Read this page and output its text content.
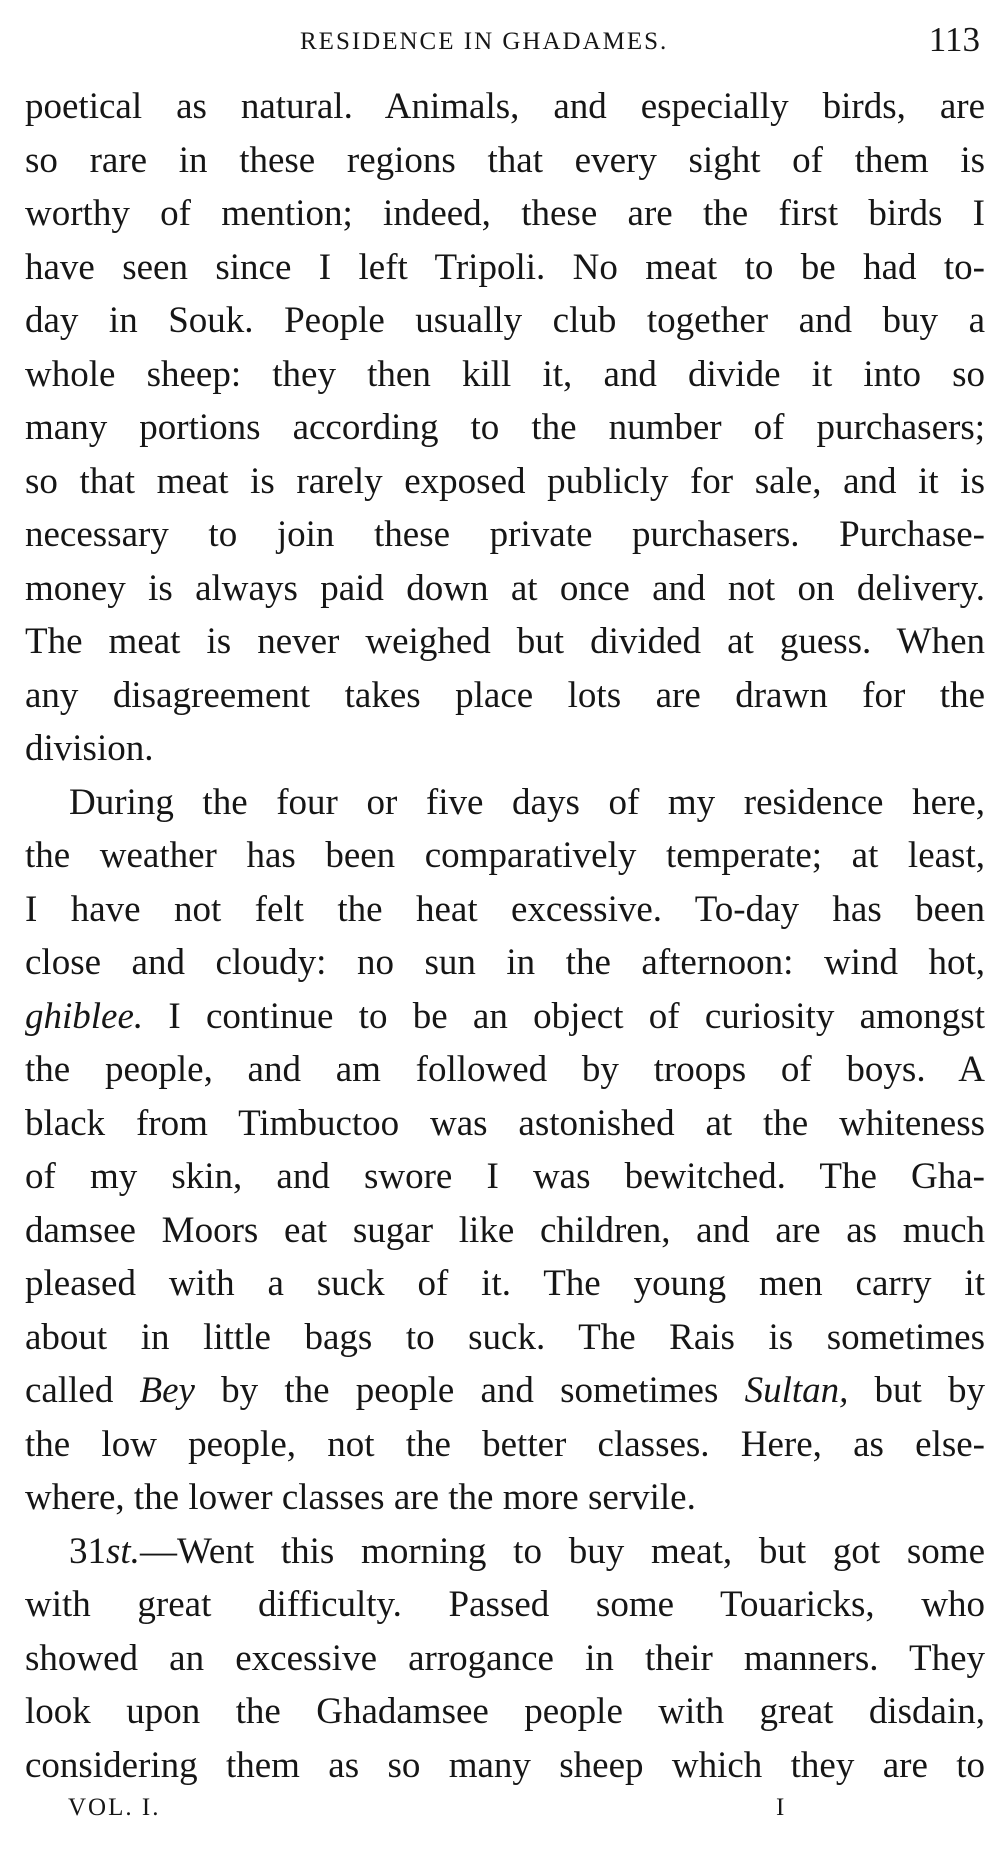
RESIDENCE IN GHADAMES.	113

poetical as natural. Animals, and especially birds, are
so rare in these regions that every sight of them is
worthy of mention; indeed, these are the first birds I
have seen since I left Tripoli. No meat to be had to-
day in Souk. People usually club together and buy a
whole sheep: they then kill it, and divide it into so
many portions according to the number of purchasers;
so that meat is rarely exposed publicly for sale, and it is
necessary to join these private purchasers. Purchase-
money is always paid down at once and not on delivery.
The meat is never weighed but divided at guess. When
any disagreement takes place lots are drawn for the
division.

During the four or five days of my residence here,
the weather has been comparatively temperate; at least,
I have not felt the heat excessive. To-day has been
close and cloudy: no sun in the afternoon: wind hot,
ghiblee. I continue to be an object of curiosity amongst
the people, and am followed by troops of boys. A
black from Timbuctoo was astonished at the whiteness
of my skin, and swore I was bewitched. The Gha-
damsee Moors eat sugar like children, and are as much
pleased with a suck of it. The young men carry it
about in little bags to suck. The Rais is sometimes
called Bey by the people and sometimes Sultan, but by
the low people, not the better classes. Here, as else-
where, the lower classes are the more servile.

31st.—Went this morning to buy meat, but got some
with great difficulty. Passed some Touaricks, who
showed an excessive arrogance in their manners. They
look upon the Ghadamsee people with great disdain,
considering them as so many sheep which they are to

VOL. I.	I
